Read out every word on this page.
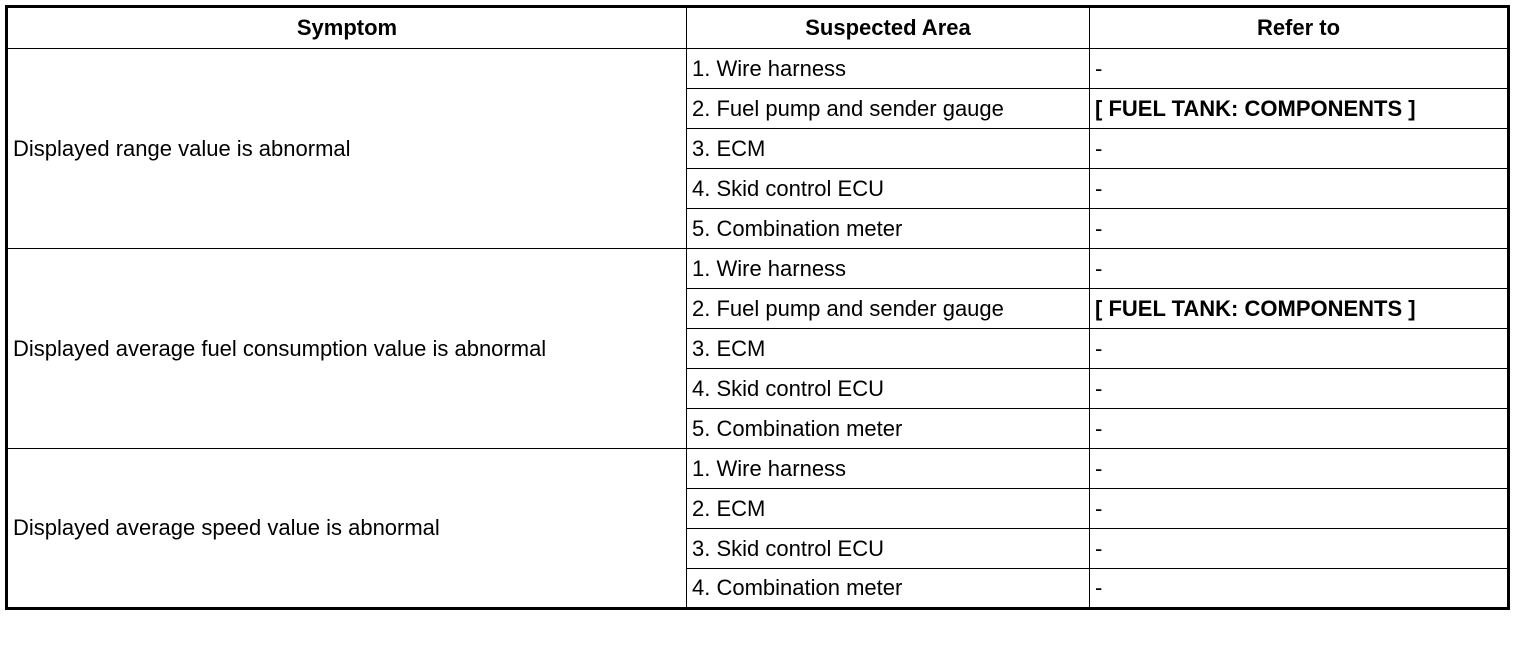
Symptom	Suspected Area	Refer to
Displayed range value is abnormal	1. Wire harness	-
	2. Fuel pump and sender gauge	[ FUEL TANK: COMPONENTS ]
	3. ECM	-
	4. Skid control ECU	-
	5. Combination meter	-
Displayed average fuel consumption value is abnormal	1. Wire harness	-
	2. Fuel pump and sender gauge	[ FUEL TANK: COMPONENTS ]
	3. ECM	-
	4. Skid control ECU	-
	5. Combination meter	-
Displayed average speed value is abnormal	1. Wire harness	-
	2. ECM	-
	3. Skid control ECU	-
	4. Combination meter	-
